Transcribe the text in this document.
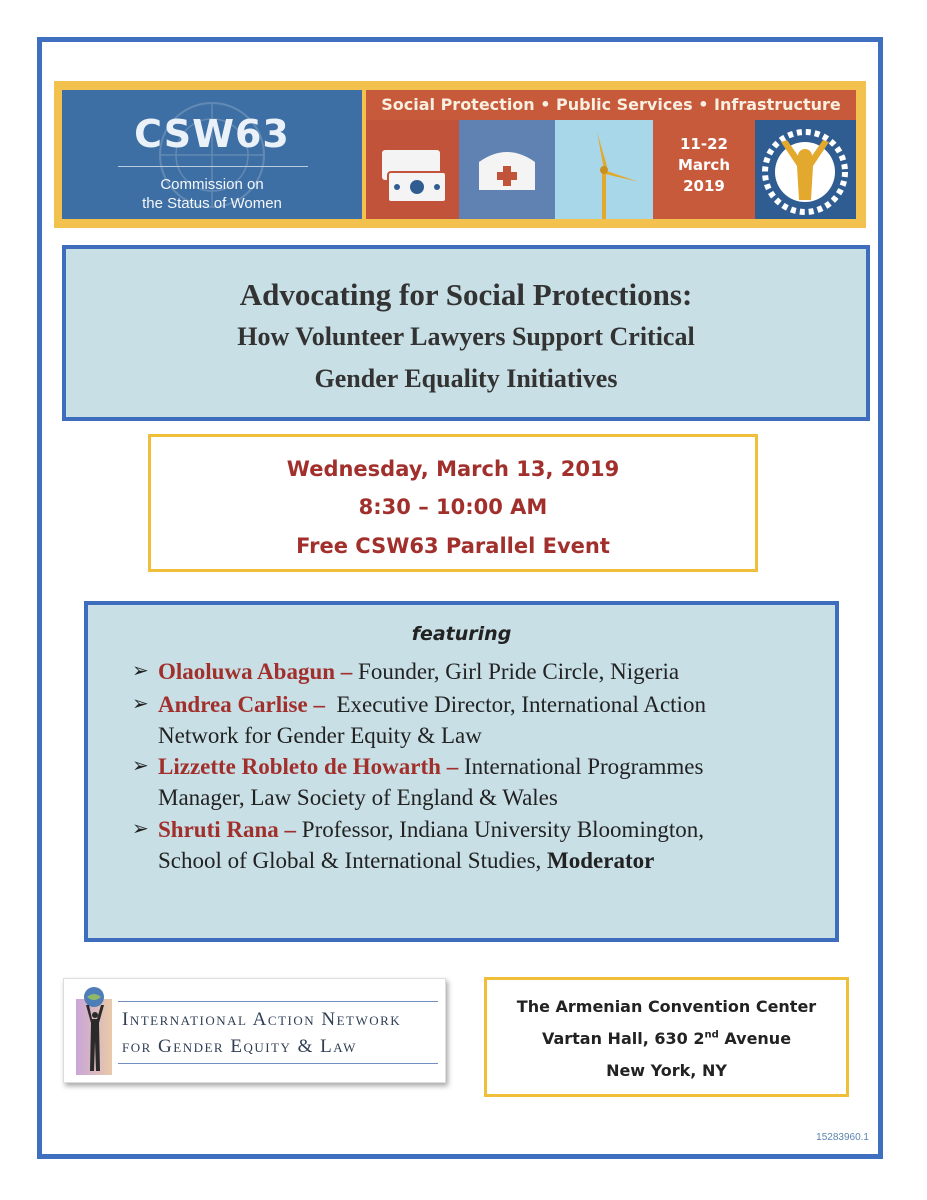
CSW63
Commission on
the Status of Women
Social Protection • Public Services • Infrastructure
11-22
March
2019
Advocating for Social Protections:
How Volunteer Lawyers Support Critical
Gender Equality Initiatives
Wednesday, March 13, 2019
8:30 – 10:00 AM
Free CSW63 Parallel Event
featuring
➢ Olaoluwa Abagun – Founder, Girl Pride Circle, Nigeria
➢ Andrea Carlise – Executive Director, International Action
Network for Gender Equity & Law
➢ Lizzette Robleto de Howarth – International Programmes
Manager, Law Society of England & Wales
➢ Shruti Rana – Professor, Indiana University Bloomington,
School of Global & International Studies, Moderator
International Action Network
for Gender Equity & Law
The Armenian Convention Center
Vartan Hall, 630 2nd Avenue
New York, NY
15283960.1
